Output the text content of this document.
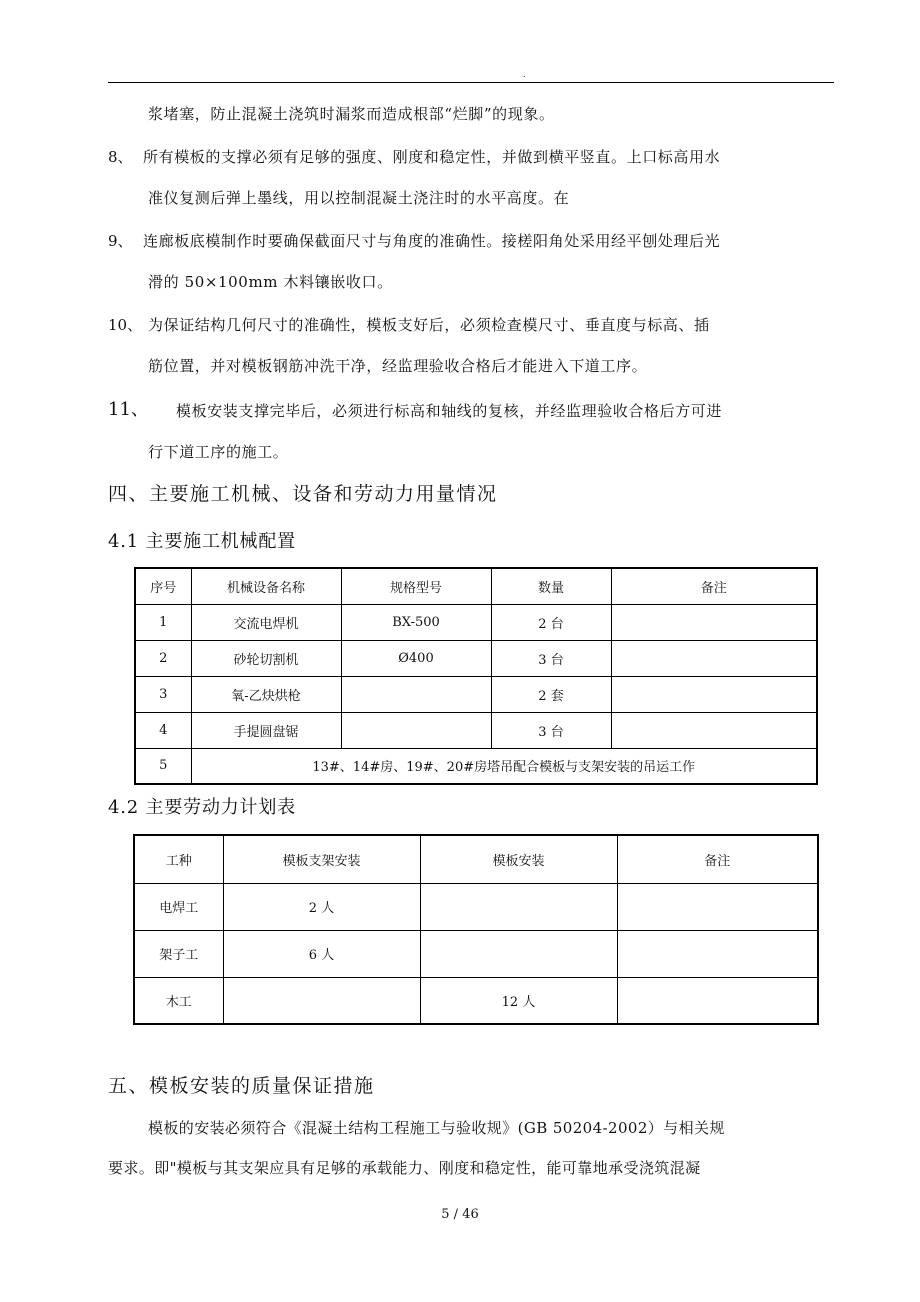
.
浆堵塞，防止混凝土浇筑时漏浆而造成根部“烂脚”的现象。
8、 所有模板的支撑必须有足够的强度、刚度和稳定性，并做到横平竖直。上口标高用水
准仪复测后弹上墨线，用以控制混凝土浇注时的水平高度。在
9、 连廊板底模制作时要确保截面尺寸与角度的准确性。接槎阳角处采用经平刨处理后光
滑的 50×100mm 木料镶嵌收口。
10、 为保证结构几何尺寸的准确性，模板支好后，必须检查模尺寸、垂直度与标高、插
筋位置，并对模板钢筋冲洗干净，经监理验收合格后才能进入下道工序。
11、 模板安装支撑完毕后，必须进行标高和轴线的复核，并经监理验收合格后方可进
行下道工序的施工。
四、主要施工机械、设备和劳动力用量情况
4.1 主要施工机械配置
序号	机械设备名称	规格型号	数量	备注
1	交流电焊机	BX-500	2 台	
2	砂轮切割机	Ø400	3 台	
3	氧-乙炔烘枪		2 套	
4	手提圆盘锯		3 台	
5	13#、14#房、19#、20#房塔吊配合模板与支架安装的吊运工作			
4.2 主要劳动力计划表
工种	模板支架安装	模板安装	备注
电焊工	2 人		
架子工	6 人		
木工		12 人	
五、模板安装的质量保证措施
模板的安装必须符合《混凝土结构工程施工与验收规》(GB 50204-2002）与相关规
要求。即"模板与其支架应具有足够的承载能力、刚度和稳定性，能可靠地承受浇筑混凝
5 / 46
